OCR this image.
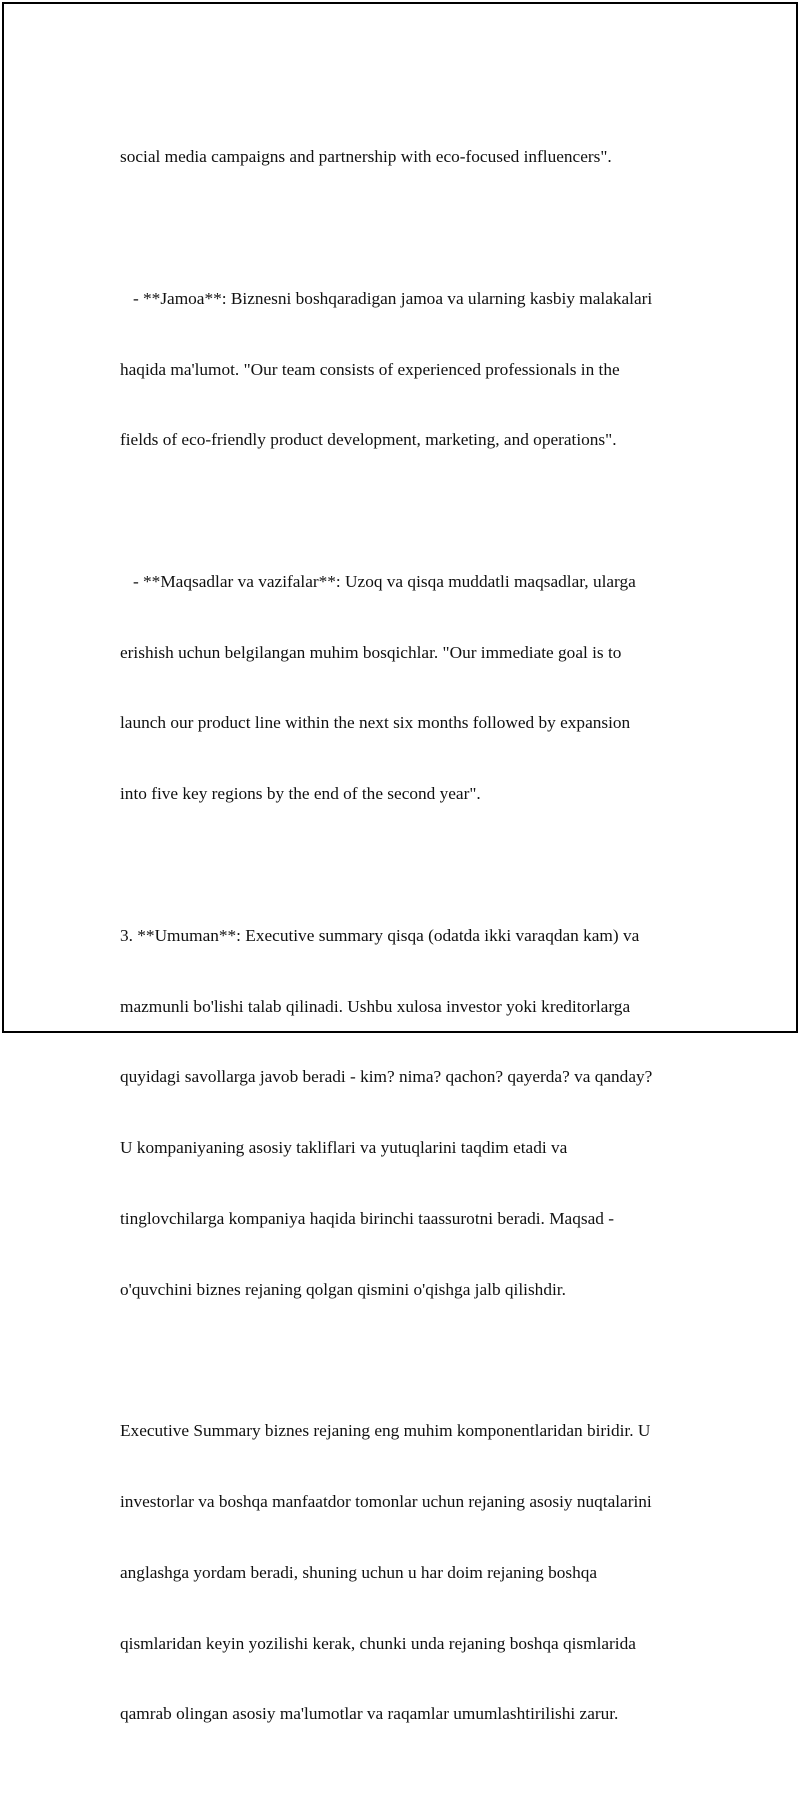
social media campaigns and partnership with eco-focused influencers".

- **Jamoa**: Biznesni boshqaradigan jamoa va ularning kasbiy malakalari

haqida ma'lumot. "Our team consists of experienced professionals in the

fields of eco-friendly product development, marketing, and operations".

- **Maqsadlar va vazifalar**: Uzoq va qisqa muddatli maqsadlar, ularga

erishish uchun belgilangan muhim bosqichlar. "Our immediate goal is to

launch our product line within the next six months followed by expansion

into five key regions by the end of the second year".

3. **Umuman**: Executive summary qisqa (odatda ikki varaqdan kam) va

mazmunli bo'lishi talab qilinadi. Ushbu xulosa investor yoki kreditorlarga

quyidagi savollarga javob beradi - kim? nima? qachon? qayerda? va qanday?

U kompaniyaning asosiy takliflari va yutuqlarini taqdim etadi va

tinglovchilarga kompaniya haqida birinchi taassurotni beradi. Maqsad -

o'quvchini biznes rejaning qolgan qismini o'qishga jalb qilishdir.

Executive Summary biznes rejaning eng muhim komponentlaridan biridir. U

investorlar va boshqa manfaatdor tomonlar uchun rejaning asosiy nuqtalarini

anglashga yordam beradi, shuning uchun u har doim rejaning boshqa

qismlaridan keyin yozilishi kerak, chunki unda rejaning boshqa qismlarida

qamrab olingan asosiy ma'lumotlar va raqamlar umumlashtirilishi zarur.
